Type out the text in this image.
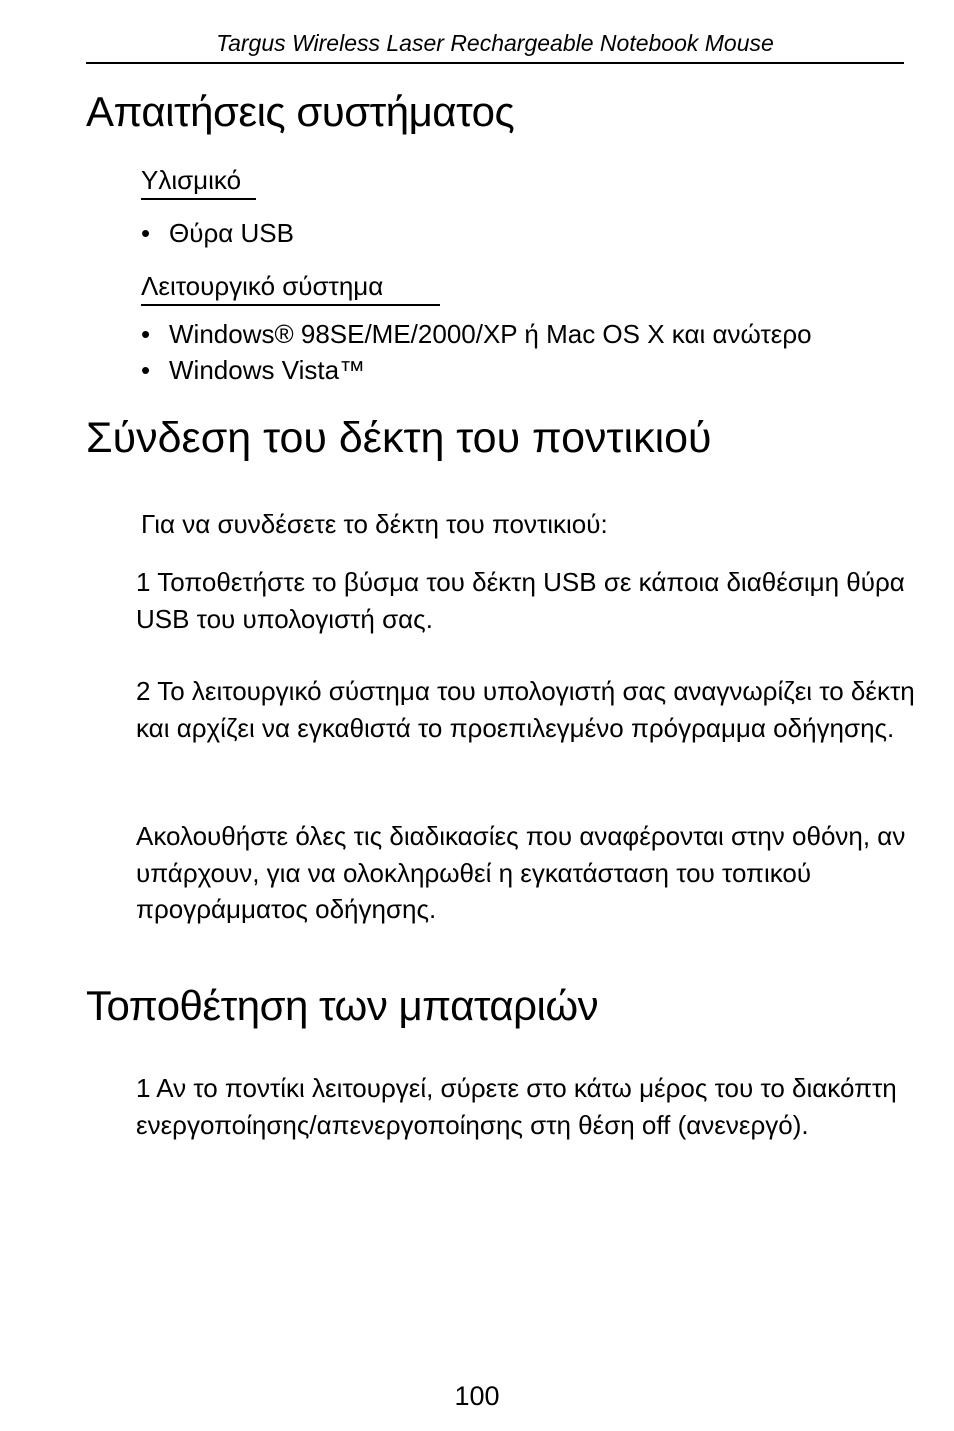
Targus Wireless Laser Rechargeable Notebook Mouse
Απαιτήσεις συστήματος
Υλισμικό
• Θύρα USB
Λειτουργικό σύστημα
• Windows® 98SE/ME/2000/XP ή Mac OS X και ανώτερο
• Windows Vista™
Σύνδεση του δέκτη του ποντικιού
Για να συνδέσετε το δέκτη του ποντικιού:
1 Τοποθετήστε το βύσμα του δέκτη USB σε κάποια διαθέσιμη θύρα USB του υπολογιστή σας.
2 Το λειτουργικό σύστημα του υπολογιστή σας αναγνωρίζει το δέκτη και αρχίζει να εγκαθιστά το προεπιλεγμένο πρόγραμμα οδήγησης.
Ακολουθήστε όλες τις διαδικασίες που αναφέρονται στην οθόνη, αν υπάρχουν, για να ολοκληρωθεί η εγκατάσταση του τοπικού προγράμματος οδήγησης.
Τοποθέτηση των μπαταριών
1 Αν το ποντίκι λειτουργεί, σύρετε στο κάτω μέρος του το διακόπτη ενεργοποίησης/απενεργοποίησης στη θέση off (ανενεργό).
100
